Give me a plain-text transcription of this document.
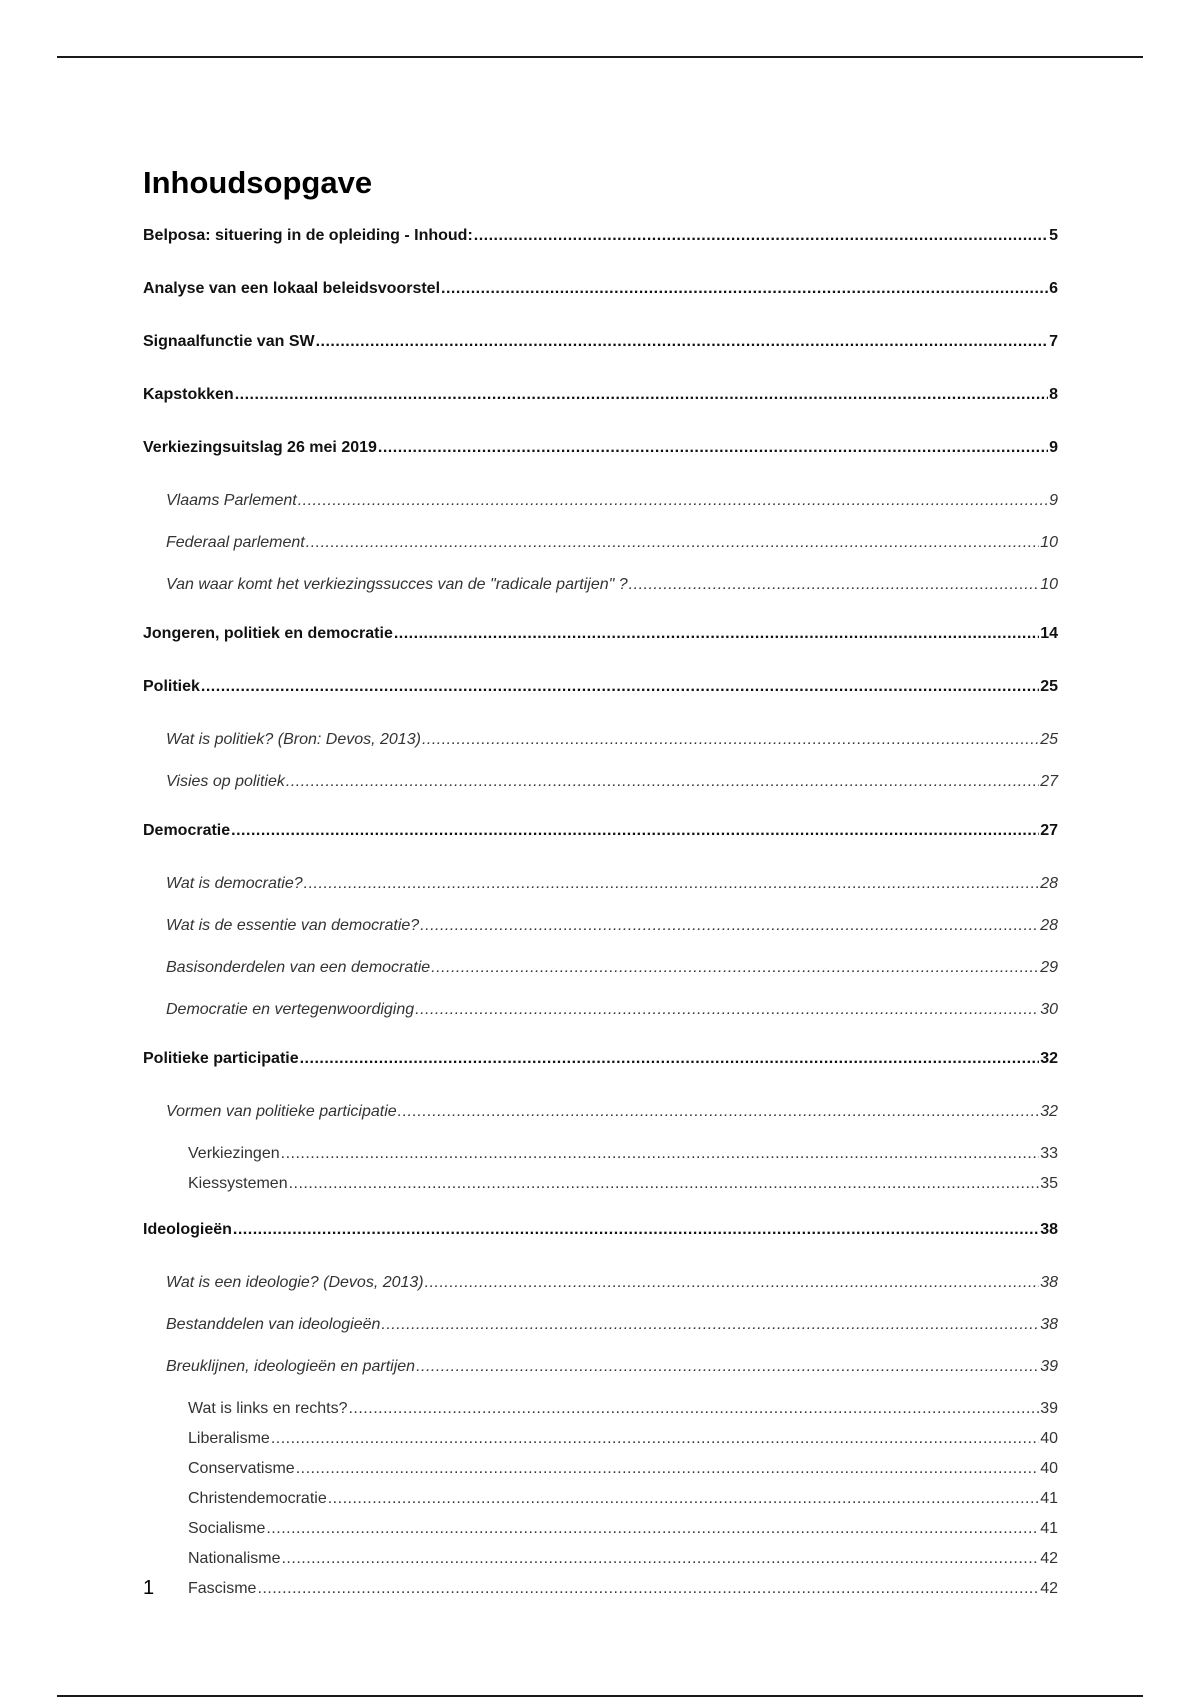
Inhoudsopgave
Belposa: situering in de opleiding - Inhoud: .....	5
Analyse van een lokaal beleidsvoorstel .....	6
Signaalfunctie van SW .....	7
Kapstokken .....	8
Verkiezingsuitslag 26 mei 2019 .....	9
Vlaams Parlement .....	9
Federaal parlement .....	10
Van waar komt het verkiezingssucces van de "radicale partijen" ? .....	10
Jongeren, politiek en democratie .....	14
Politiek .....	25
Wat is politiek? (Bron: Devos, 2013) .....	25
Visies op politiek .....	27
Democratie .....	27
Wat is democratie? .....	28
Wat is de essentie van democratie? .....	28
Basisonderdelen van een democratie .....	29
Democratie en vertegenwoordiging .....	30
Politieke participatie .....	32
Vormen van politieke participatie .....	32
Verkiezingen .....	33
Kiessystemen .....	35
Ideologieën .....	38
Wat is een ideologie? (Devos, 2013) .....	38
Bestanddelen van ideologieën .....	38
Breuklijnen, ideologieën en partijen .....	39
Wat is links en rechts? .....	39
Liberalisme .....	40
Conservatisme .....	40
Christendemocratie .....	41
Socialisme .....	41
Nationalisme .....	42
Fascisme .....	42
1
